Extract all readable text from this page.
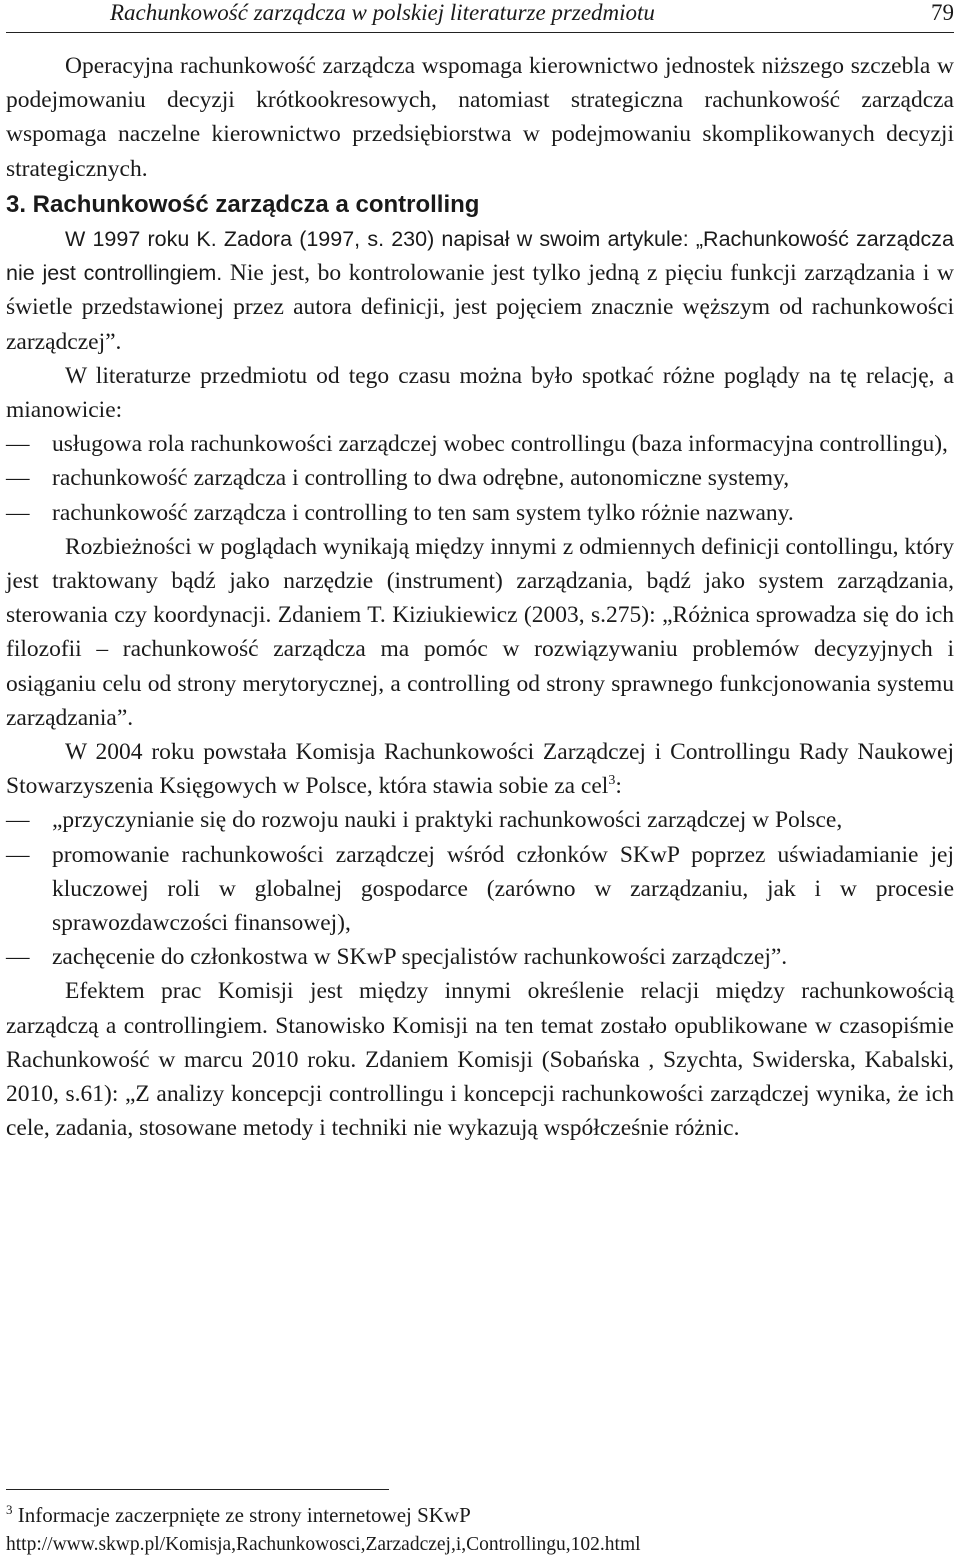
Rachunkowość zarządcza w polskiej literaturze przedmiotu	79

Operacyjna rachunkowość zarządcza wspomaga kierownictwo jednostek niższego szczebla w podejmowaniu decyzji krótkookresowych, natomiast strategiczna rachunkowość zarządcza wspomaga naczelne kierownictwo przedsiębiorstwa w podejmowaniu skomplikowanych decyzji strategicznych.

3. Rachunkowość zarządcza a controlling

W 1997 roku K. Zadora (1997, s. 230) napisał w swoim artykule: „Rachunkowość zarządcza nie jest controllingiem. Nie jest, bo kontrolowanie jest tylko jedną z pięciu funkcji zarządzania i w świetle przedstawionej przez autora definicji, jest pojęciem znacznie węższym od rachunkowości zarządczej”.

W literaturze przedmiotu od tego czasu można było spotkać różne poglądy na tę relację, a mianowicie:

— usługowa rola rachunkowości zarządczej wobec controllingu (baza informacyjna controllingu),
— rachunkowość zarządcza i controlling to dwa odrębne, autonomiczne systemy,
— rachunkowość zarządcza i controlling to ten sam system tylko różnie nazwany.

Rozbieżności w poglądach wynikają między innymi z odmiennych definicji contollingu, który jest traktowany bądź jako narzędzie (instrument) zarządzania, bądź jako system zarządzania, sterowania czy koordynacji. Zdaniem T. Kiziukiewicz (2003, s.275): „Różnica sprowadza się do ich filozofii – rachunkowość zarządcza ma pomóc w rozwiązywaniu problemów decyzyjnych i osiąganiu celu od strony merytorycznej, a controlling od strony sprawnego funkcjonowania systemu zarządzania”.

W 2004 roku powstała Komisja Rachunkowości Zarządczej i Controllingu Rady Naukowej Stowarzyszenia Księgowych w Polsce, która stawia sobie za cel$^3$:

— „przyczynianie się do rozwoju nauki i praktyki rachunkowości zarządczej w Polsce,
— promowanie rachunkowości zarządczej wśród członków SKwP poprzez uświadamianie jej kluczowej roli w globalnej gospodarce (zarówno w zarządzaniu, jak i w procesie sprawozdawczości finansowej),
— zachęcenie do członkostwa w SKwP specjalistów rachunkowości zarządczej”.

Efektem prac Komisji jest między innymi określenie relacji między rachunkowością zarządczą a controllingiem. Stanowisko Komisji na ten temat zostało opublikowane w czasopiśmie Rachunkowość w marcu 2010 roku. Zdaniem Komisji (Sobańska , Szychta, Swiderska, Kabalski, 2010, s.61): „Z analizy koncepcji controllingu i koncepcji rachunkowości zarządczej wynika, że ich cele, zadania, stosowane metody i techniki nie wykazują współcześnie różnic.

$^3$ Informacje zaczerpnięte ze strony internetowej SKwP
http://www.skwp.pl/Komisja,Rachunkowosci,Zarzadczej,i,Controllingu,102.html
